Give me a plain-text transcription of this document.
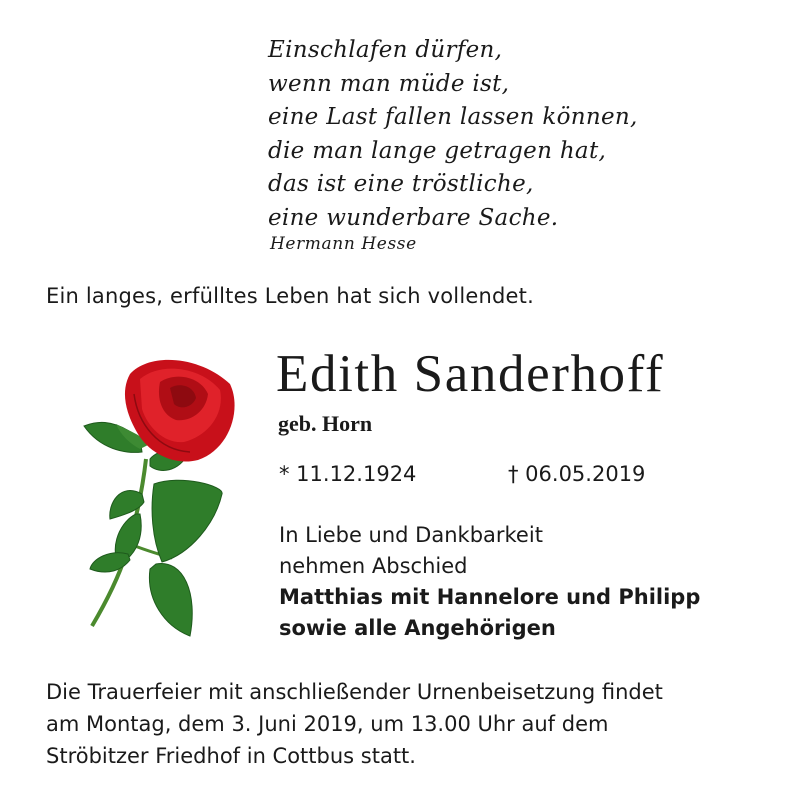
Einschlafen dürfen,
wenn man müde ist,
eine Last fallen lassen können,
die man lange getragen hat,
das ist eine tröstliche,
eine wunderbare Sache.
Hermann Hesse
Ein langes, erfülltes Leben hat sich vollendet.
Edith Sanderhoff
geb. Horn
* 11.12.1924	† 06.05.2019
In Liebe und Dankbarkeit
nehmen Abschied
Matthias mit Hannelore und Philipp
sowie alle Angehörigen
Die Trauerfeier mit anschließender Urnenbeisetzung findet
am Montag, dem 3. Juni 2019, um 13.00 Uhr auf dem
Ströbitzer Friedhof in Cottbus statt.
